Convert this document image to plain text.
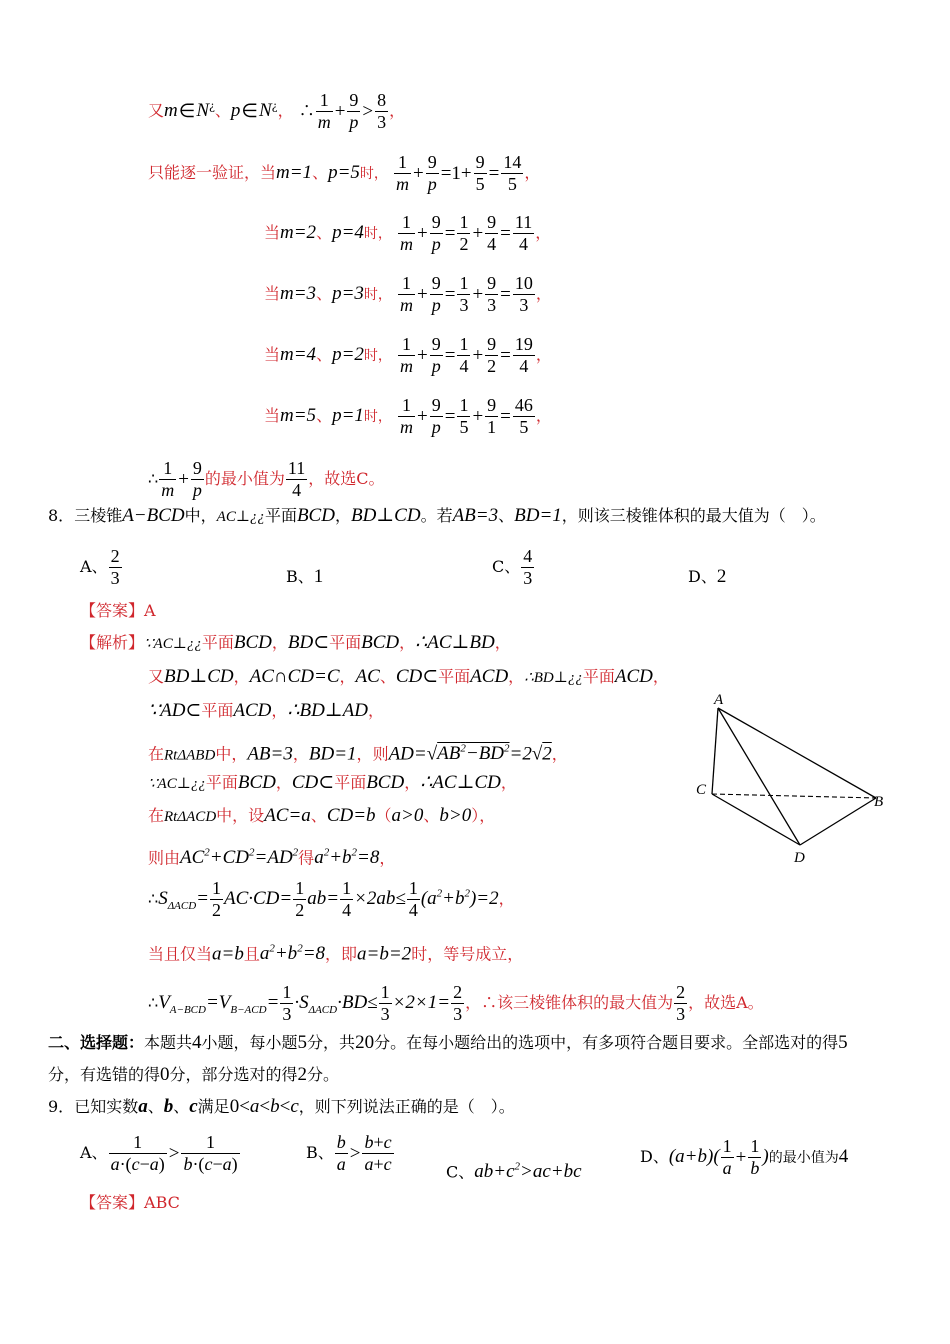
又m∈N¿、p∈N¿， ∴ $\frac{1}{m} + \frac{9}{p} > \frac{8}{3}$ ，
只能逐一验证，当m=1、p=5时， $\frac{1}{m} + \frac{9}{p} =1+ \frac{9}{5} = \frac{14}{5}$ ，
当m=2、p=4时， $\frac{1}{m} + \frac{9}{p} = \frac{1}{2} + \frac{9}{4} = \frac{11}{4}$ ，
当m=3、p=3时， $\frac{1}{m} + \frac{9}{p} = \frac{1}{3} + \frac{9}{3} = \frac{10}{3}$ ，
当m=4、p=2时， $\frac{1}{m} + \frac{9}{p} = \frac{1}{4} + \frac{9}{2} = \frac{19}{4}$ ，
当m=5、p=1时， $\frac{1}{m} + \frac{9}{p} = \frac{1}{5} + \frac{9}{1} = \frac{46}{5}$ ，
∴ $\frac{1}{m} + \frac{9}{p}$ 的最小值为 $\frac{11}{4}$ ，故选C。
8．三棱锥A−BCD中，AC⊥¿¿平面BCD，BD⊥CD。若AB=3、BD=1，则该三棱锥体积的最大值为（　）。
A、 $\frac{2}{3}$	B、1	C、 $\frac{4}{3}$	D、2
【答案】A
【解析】∵AC⊥¿¿平面BCD，BD⊂平面BCD，∴AC⊥BD，
又BD⊥CD，AC∩CD=C，AC、CD⊂平面ACD，∴BD⊥¿¿平面ACD，
∵AD⊂平面ACD，∴BD⊥AD，
在RtΔABD中，AB=3，BD=1，则$AD=√AB^2-BD^2=2√2$，
∵AC⊥¿¿平面BCD，CD⊂平面BCD，∴AC⊥CD，
在RtΔACD中，设AC=a、CD=b（a>0、b>0），
则由$AC^2+CD^2=AD^2$得$a^2+b^2=8$，
$\therefore S_{\Delta ACD}= \frac{1}{2} AC\cdot CD= \frac{1}{2} ab= \frac{1}{4} \times 2ab\le \frac{1}{4} (a^2+b^2)=2$，
当且仅当a=b且$a^2+b^2=8$，即a=b=2时，等号成立，
$\therefore V_{A-BCD}=V_{B-ACD}= \frac{1}{3} \cdot S_{\Delta ACD}\cdot BD\le \frac{1}{3} \times 2\times 1= \frac{2}{3}$ ，∴该三棱锥体积的最大值为 $\frac{2}{3}$ ，故选A。
A
C
B
D
二、选择题：本题共4小题，每小题5分，共20分。在每小题给出的选项中，有多项符合题目要求。全部选对的得5
分，有选错的得0分，部分选对的得2分。
9．已知实数a、b、c满足0<a<b<c，则下列说法正确的是（　）。
A、 $\frac{1}{a\cdot(c-a)} > \frac{1}{b\cdot(c-a)}$	B、 $\frac{b}{a} > \frac{b+c}{a+c}$	C、$ab+c^2>ac+bc$
D、$(a+b)( \frac{1}{a} + \frac{1}{b}$ )的最小值为4
【答案】ABC
